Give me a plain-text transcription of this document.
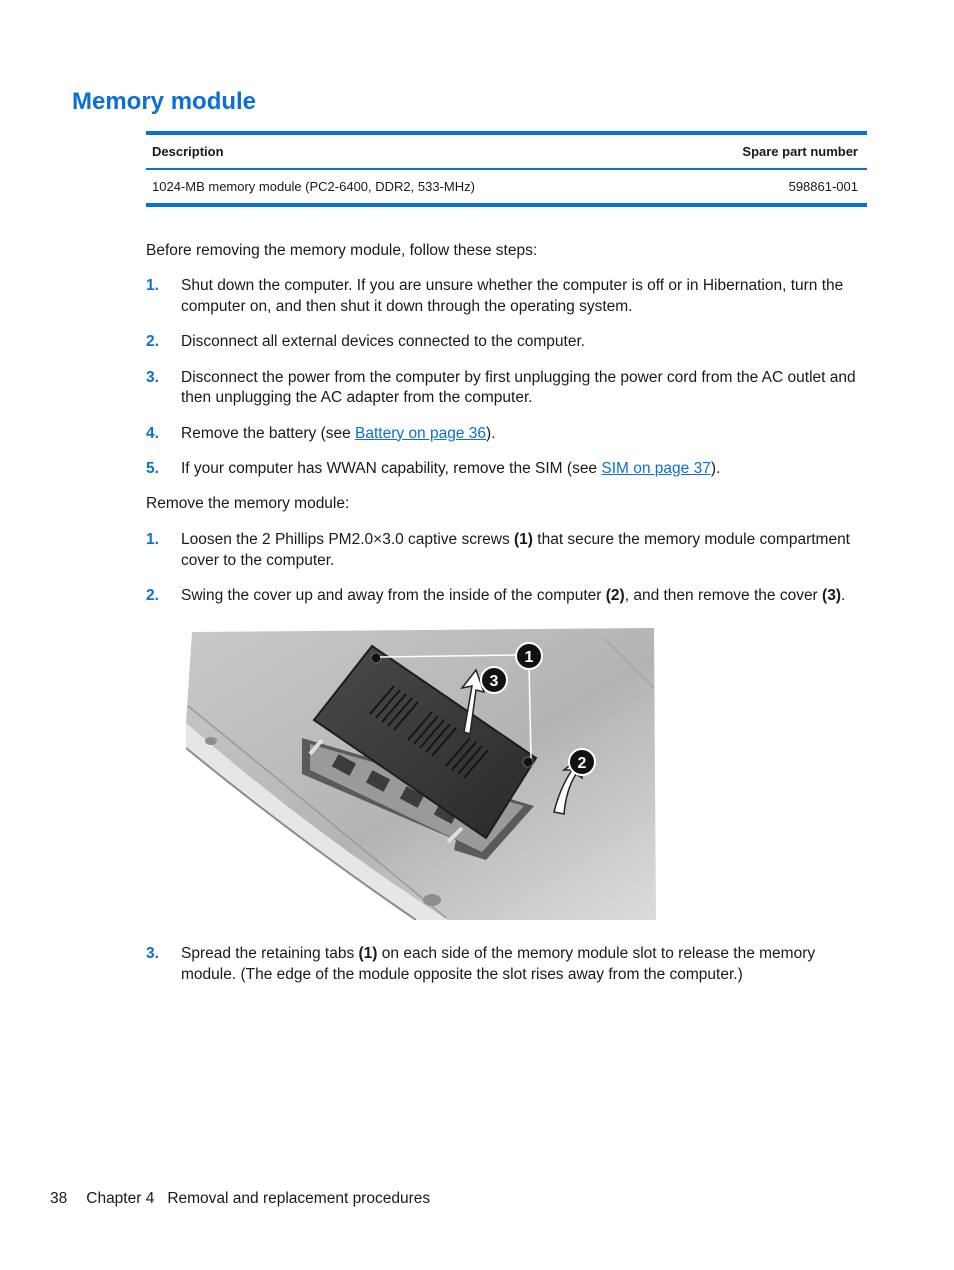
Memory module
Description	Spare part number
1024-MB memory module (PC2-6400, DDR2, 533-MHz)	598861-001

Before removing the memory module, follow these steps:

1. Shut down the computer. If you are unsure whether the computer is off or in Hibernation, turn the computer on, and then shut it down through the operating system.
2. Disconnect all external devices connected to the computer.
3. Disconnect the power from the computer by first unplugging the power cord from the AC outlet and then unplugging the AC adapter from the computer.
4. Remove the battery (see Battery on page 36).
5. If your computer has WWAN capability, remove the SIM (see SIM on page 37).

Remove the memory module:

1. Loosen the 2 Phillips PM2.0×3.0 captive screws (1) that secure the memory module compartment cover to the computer.
2. Swing the cover up and away from the inside of the computer (2), and then remove the cover (3).
1
2
3
3. Spread the retaining tabs (1) on each side of the memory module slot to release the memory module. (The edge of the module opposite the slot rises away from the computer.)
38 Chapter 4 Removal and replacement procedures
